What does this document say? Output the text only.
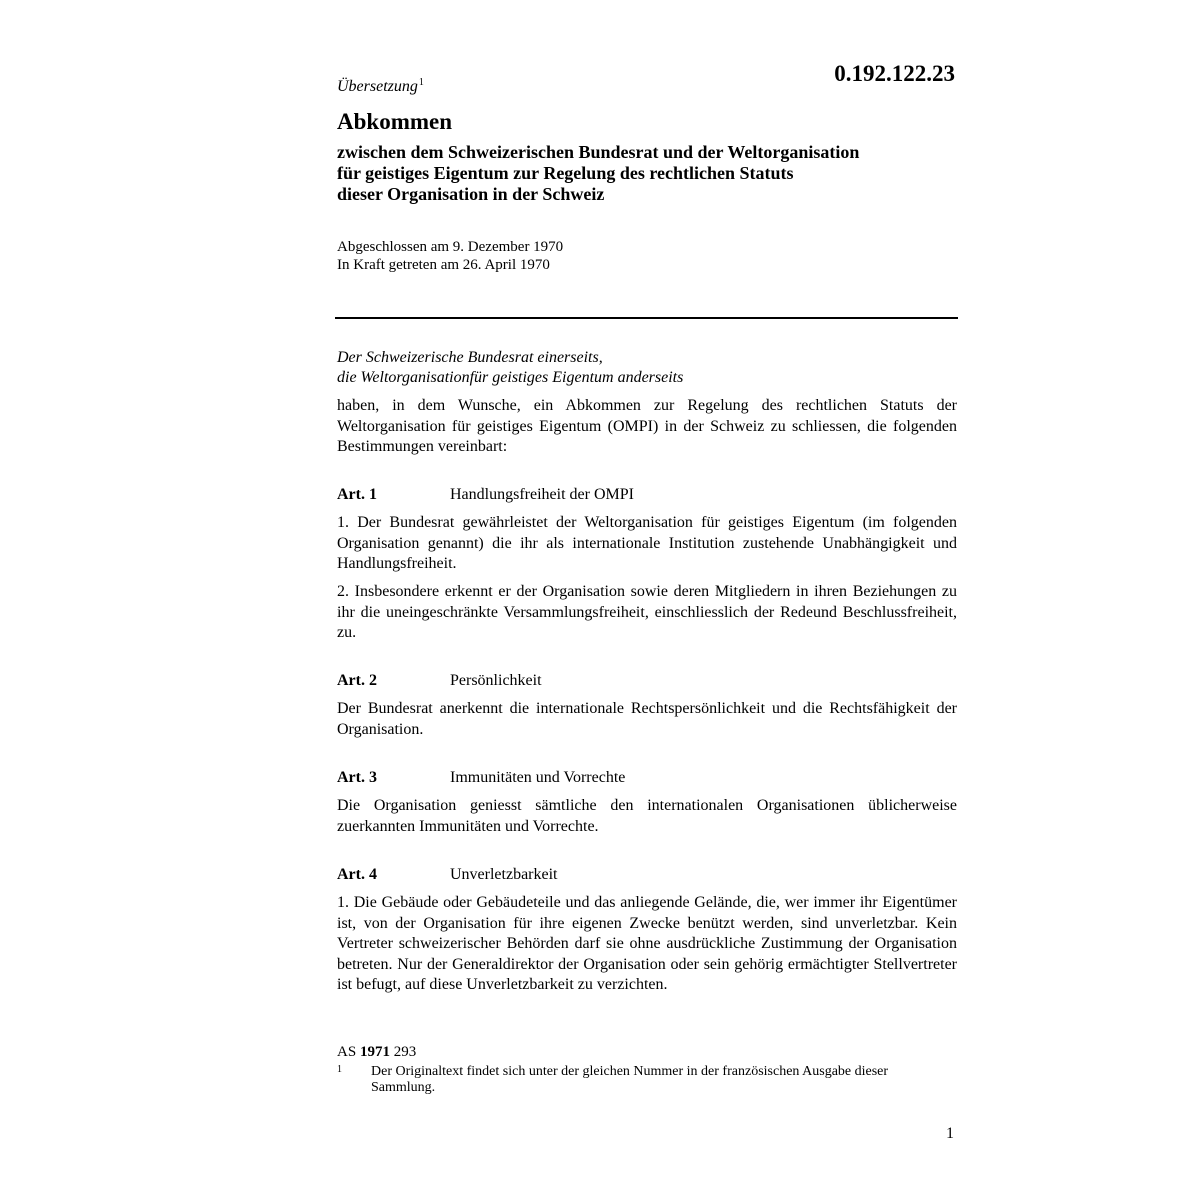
0.192.122.23
Übersetzung$^1$
Abkommen
zwischen dem Schweizerischen Bundesrat und der Weltorganisation
für geistiges Eigentum zur Regelung des rechtlichen Statuts
dieser Organisation in der Schweiz
Abgeschlossen am 9. Dezember 1970
In Kraft getreten am 26. April 1970
Der Schweizerische Bundesrat einerseits,
die Weltorganisationfür geistiges Eigentum anderseits
haben, in dem Wunsche, ein Abkommen zur Regelung des rechtlichen Statuts der Weltorganisation für geistiges Eigentum (OMPI) in der Schweiz zu schliessen, die folgenden Bestimmungen vereinbart:
Art. 1	Handlungsfreiheit der OMPI
1. Der Bundesrat gewährleistet der Weltorganisation für geistiges Eigentum (im folgenden Organisation genannt) die ihr als internationale Institution zustehende Unabhängigkeit und Handlungsfreiheit.
2. Insbesondere erkennt er der Organisation sowie deren Mitgliedern in ihren Beziehungen zu ihr die uneingeschränkte Versammlungsfreiheit, einschliesslich der Redeund Beschlussfreiheit, zu.
Art. 2	Persönlichkeit
Der Bundesrat anerkennt die internationale Rechtspersönlichkeit und die Rechtsfähigkeit der Organisation.
Art. 3	Immunitäten und Vorrechte
Die Organisation geniesst sämtliche den internationalen Organisationen üblicherweise zuerkannten Immunitäten und Vorrechte.
Art. 4	Unverletzbarkeit
1. Die Gebäude oder Gebäudeteile und das anliegende Gelände, die, wer immer ihr Eigentümer ist, von der Organisation für ihre eigenen Zwecke benützt werden, sind unverletzbar. Kein Vertreter schweizerischer Behörden darf sie ohne ausdrückliche Zustimmung der Organisation betreten. Nur der Generaldirektor der Organisation oder sein gehörig ermächtigter Stellvertreter ist befugt, auf diese Unverletzbarkeit zu verzichten.
AS 1971 293
1 Der Originaltext findet sich unter der gleichen Nummer in der französischen Ausgabe dieser Sammlung.
1
